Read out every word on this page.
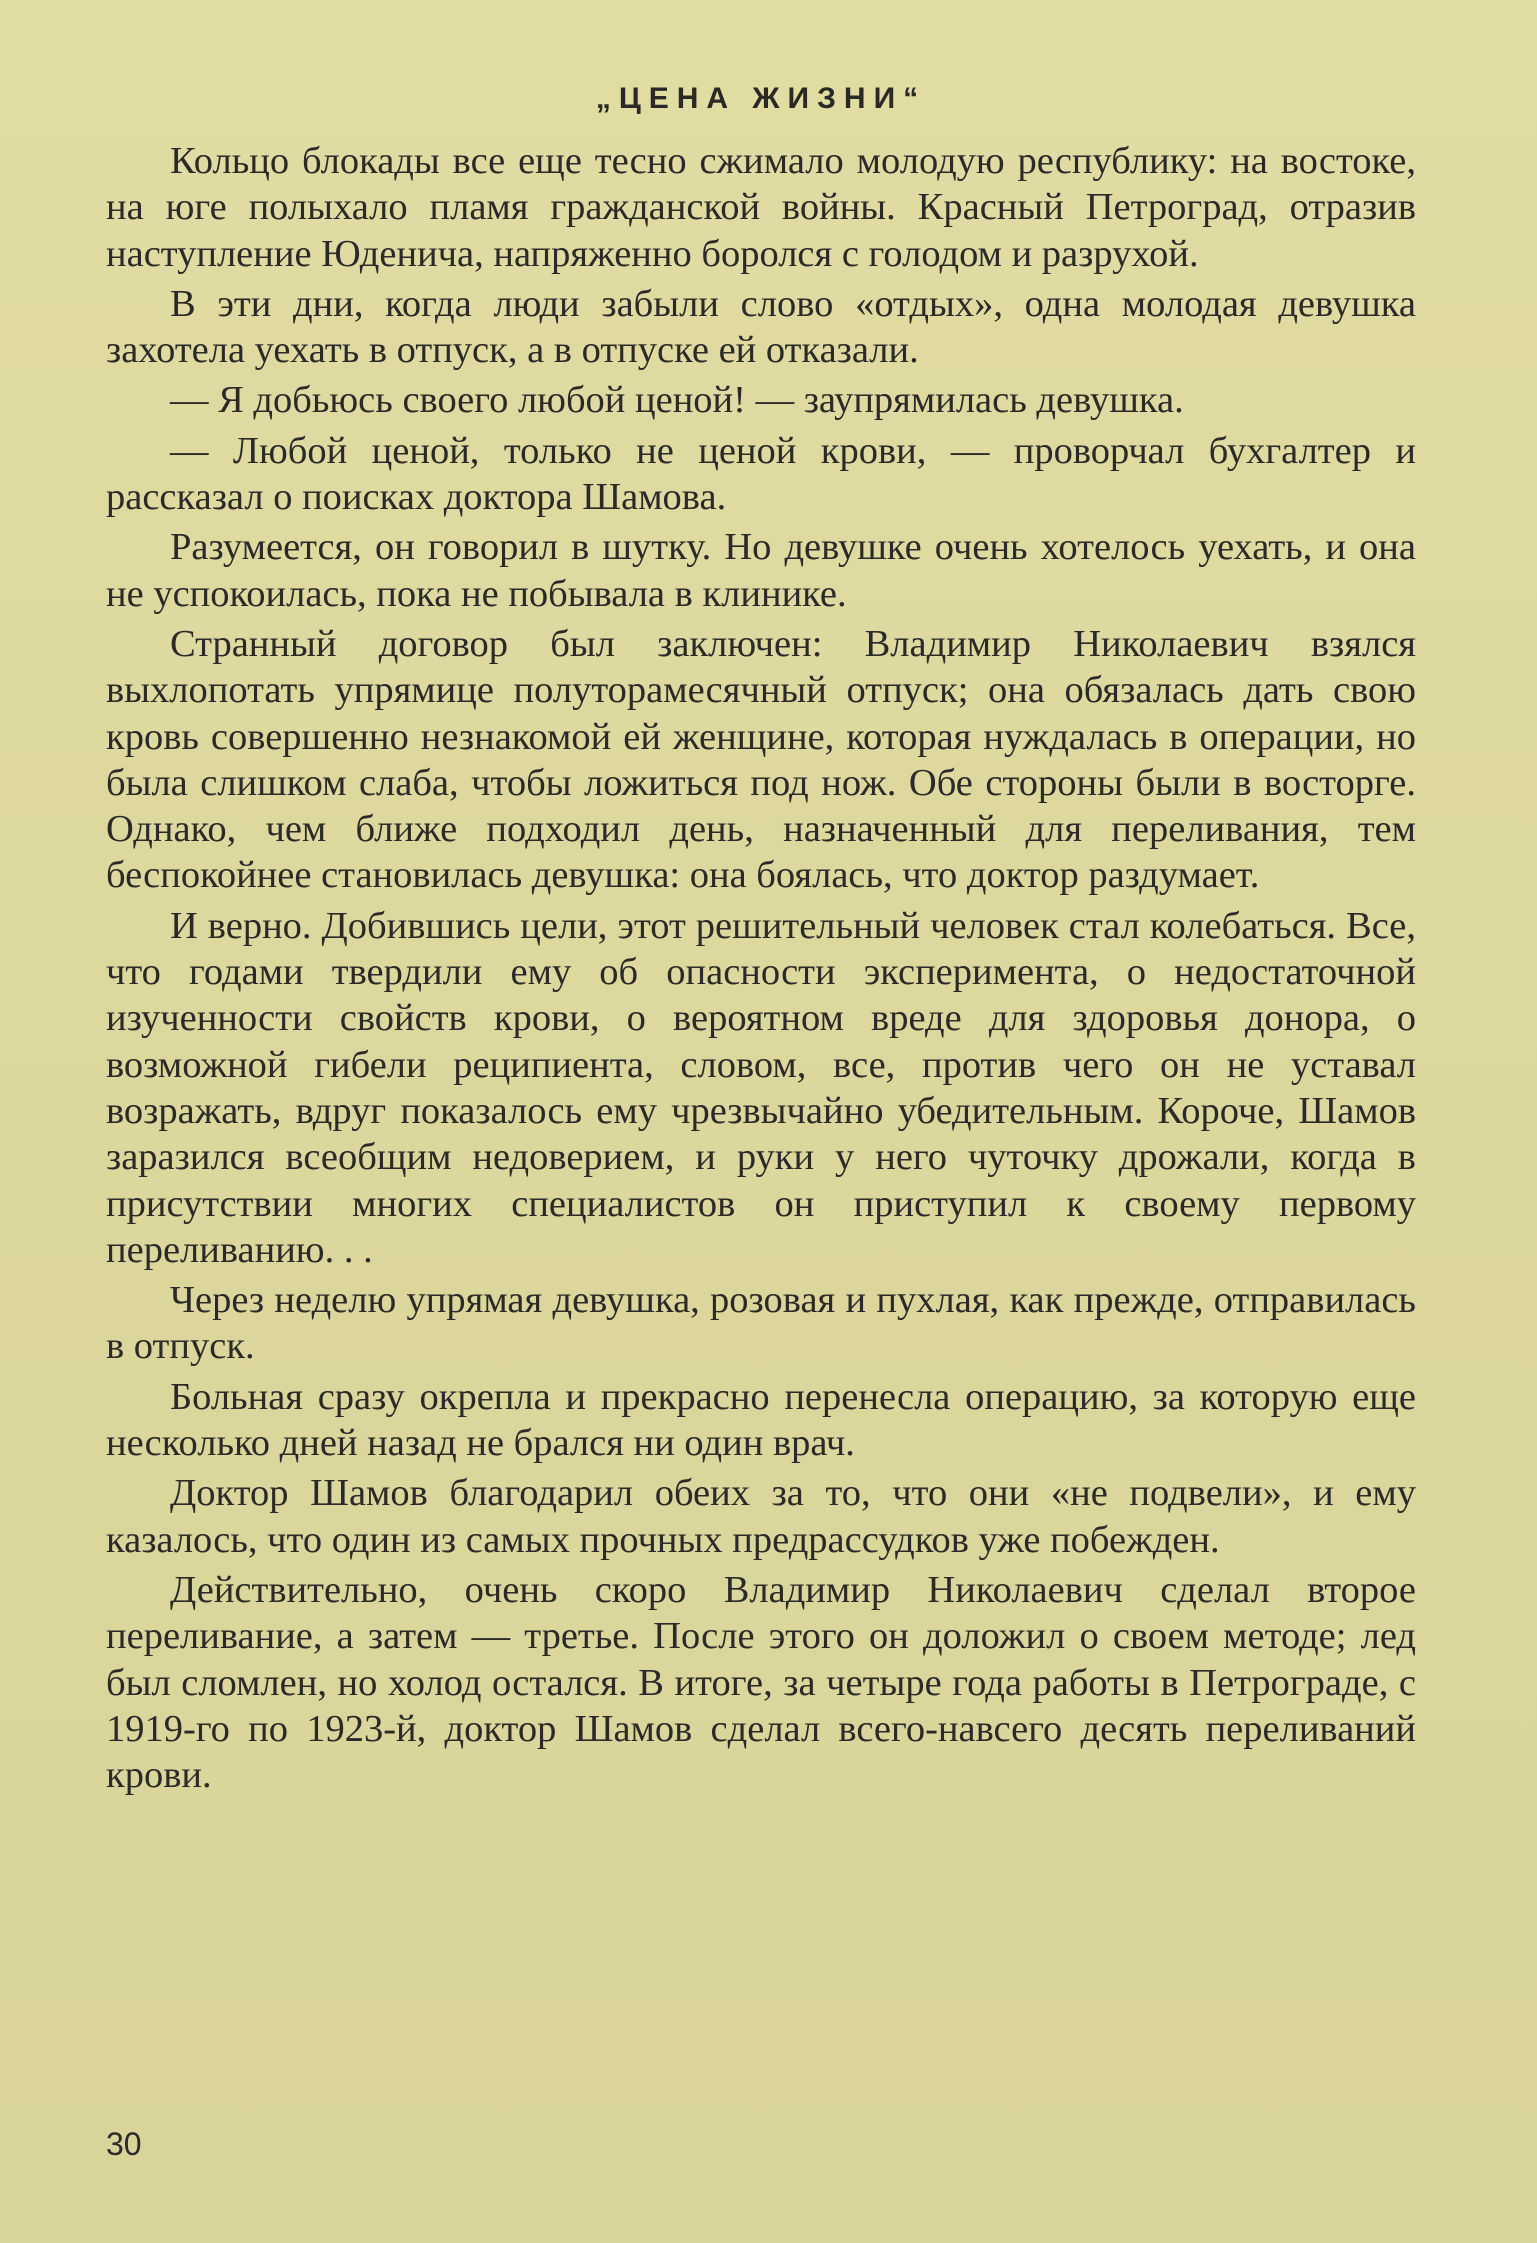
„ЦЕНА ЖИЗНИ“

Кольцо блокады все еще тесно сжимало молодую республику: на востоке, на юге полыхало пламя гражданской войны. Красный Петроград, отразив наступление Юденича, напряженно боролся с голодом и разрухой.

В эти дни, когда люди забыли слово «отдых», одна молодая девушка захотела уехать в отпуск, а в отпуске ей отказали.

— Я добьюсь своего любой ценой! — заупрямилась девушка.

— Любой ценой, только не ценой крови, — проворчал бухгалтер и рассказал о поисках доктора Шамова.

Разумеется, он говорил в шутку. Но девушке очень хотелось уехать, и она не успокоилась, пока не побывала в клинике.

Странный договор был заключен: Владимир Николаевич взялся выхлопотать упрямице полуторамесячный отпуск; она обязалась дать свою кровь совершенно незнакомой ей женщине, которая нуждалась в операции, но была слишком слаба, чтобы ложиться под нож. Обе стороны были в восторге. Однако, чем ближе подходил день, назначенный для переливания, тем беспокойнее становилась девушка: она боялась, что доктор раздумает.

И верно. Добившись цели, этот решительный человек стал колебаться. Все, что годами твердили ему об опасности эксперимента, о недостаточной изученности свойств крови, о вероятном вреде для здоровья донора, о возможной гибели реципиента, словом, все, против чего он не уставал возражать, вдруг показалось ему чрезвычайно убедительным. Короче, Шамов заразился всеобщим недоверием, и руки у него чуточку дрожали, когда в присутствии многих специалистов он приступил к своему первому переливанию. . .

Через неделю упрямая девушка, розовая и пухлая, как прежде, отправилась в отпуск.

Больная сразу окрепла и прекрасно перенесла операцию, за которую еще несколько дней назад не брался ни один врач.

Доктор Шамов благодарил обеих за то, что они «не подвели», и ему казалось, что один из самых прочных предрассудков уже побежден.

Действительно, очень скоро Владимир Николаевич сделал второе переливание, а затем — третье. После этого он доложил о своем методе; лед был сломлен, но холод остался. В итоге, за четыре года работы в Петрограде, с 1919-го по 1923-й, доктор Шамов сделал всего-навсего десять переливаний крови.

30
